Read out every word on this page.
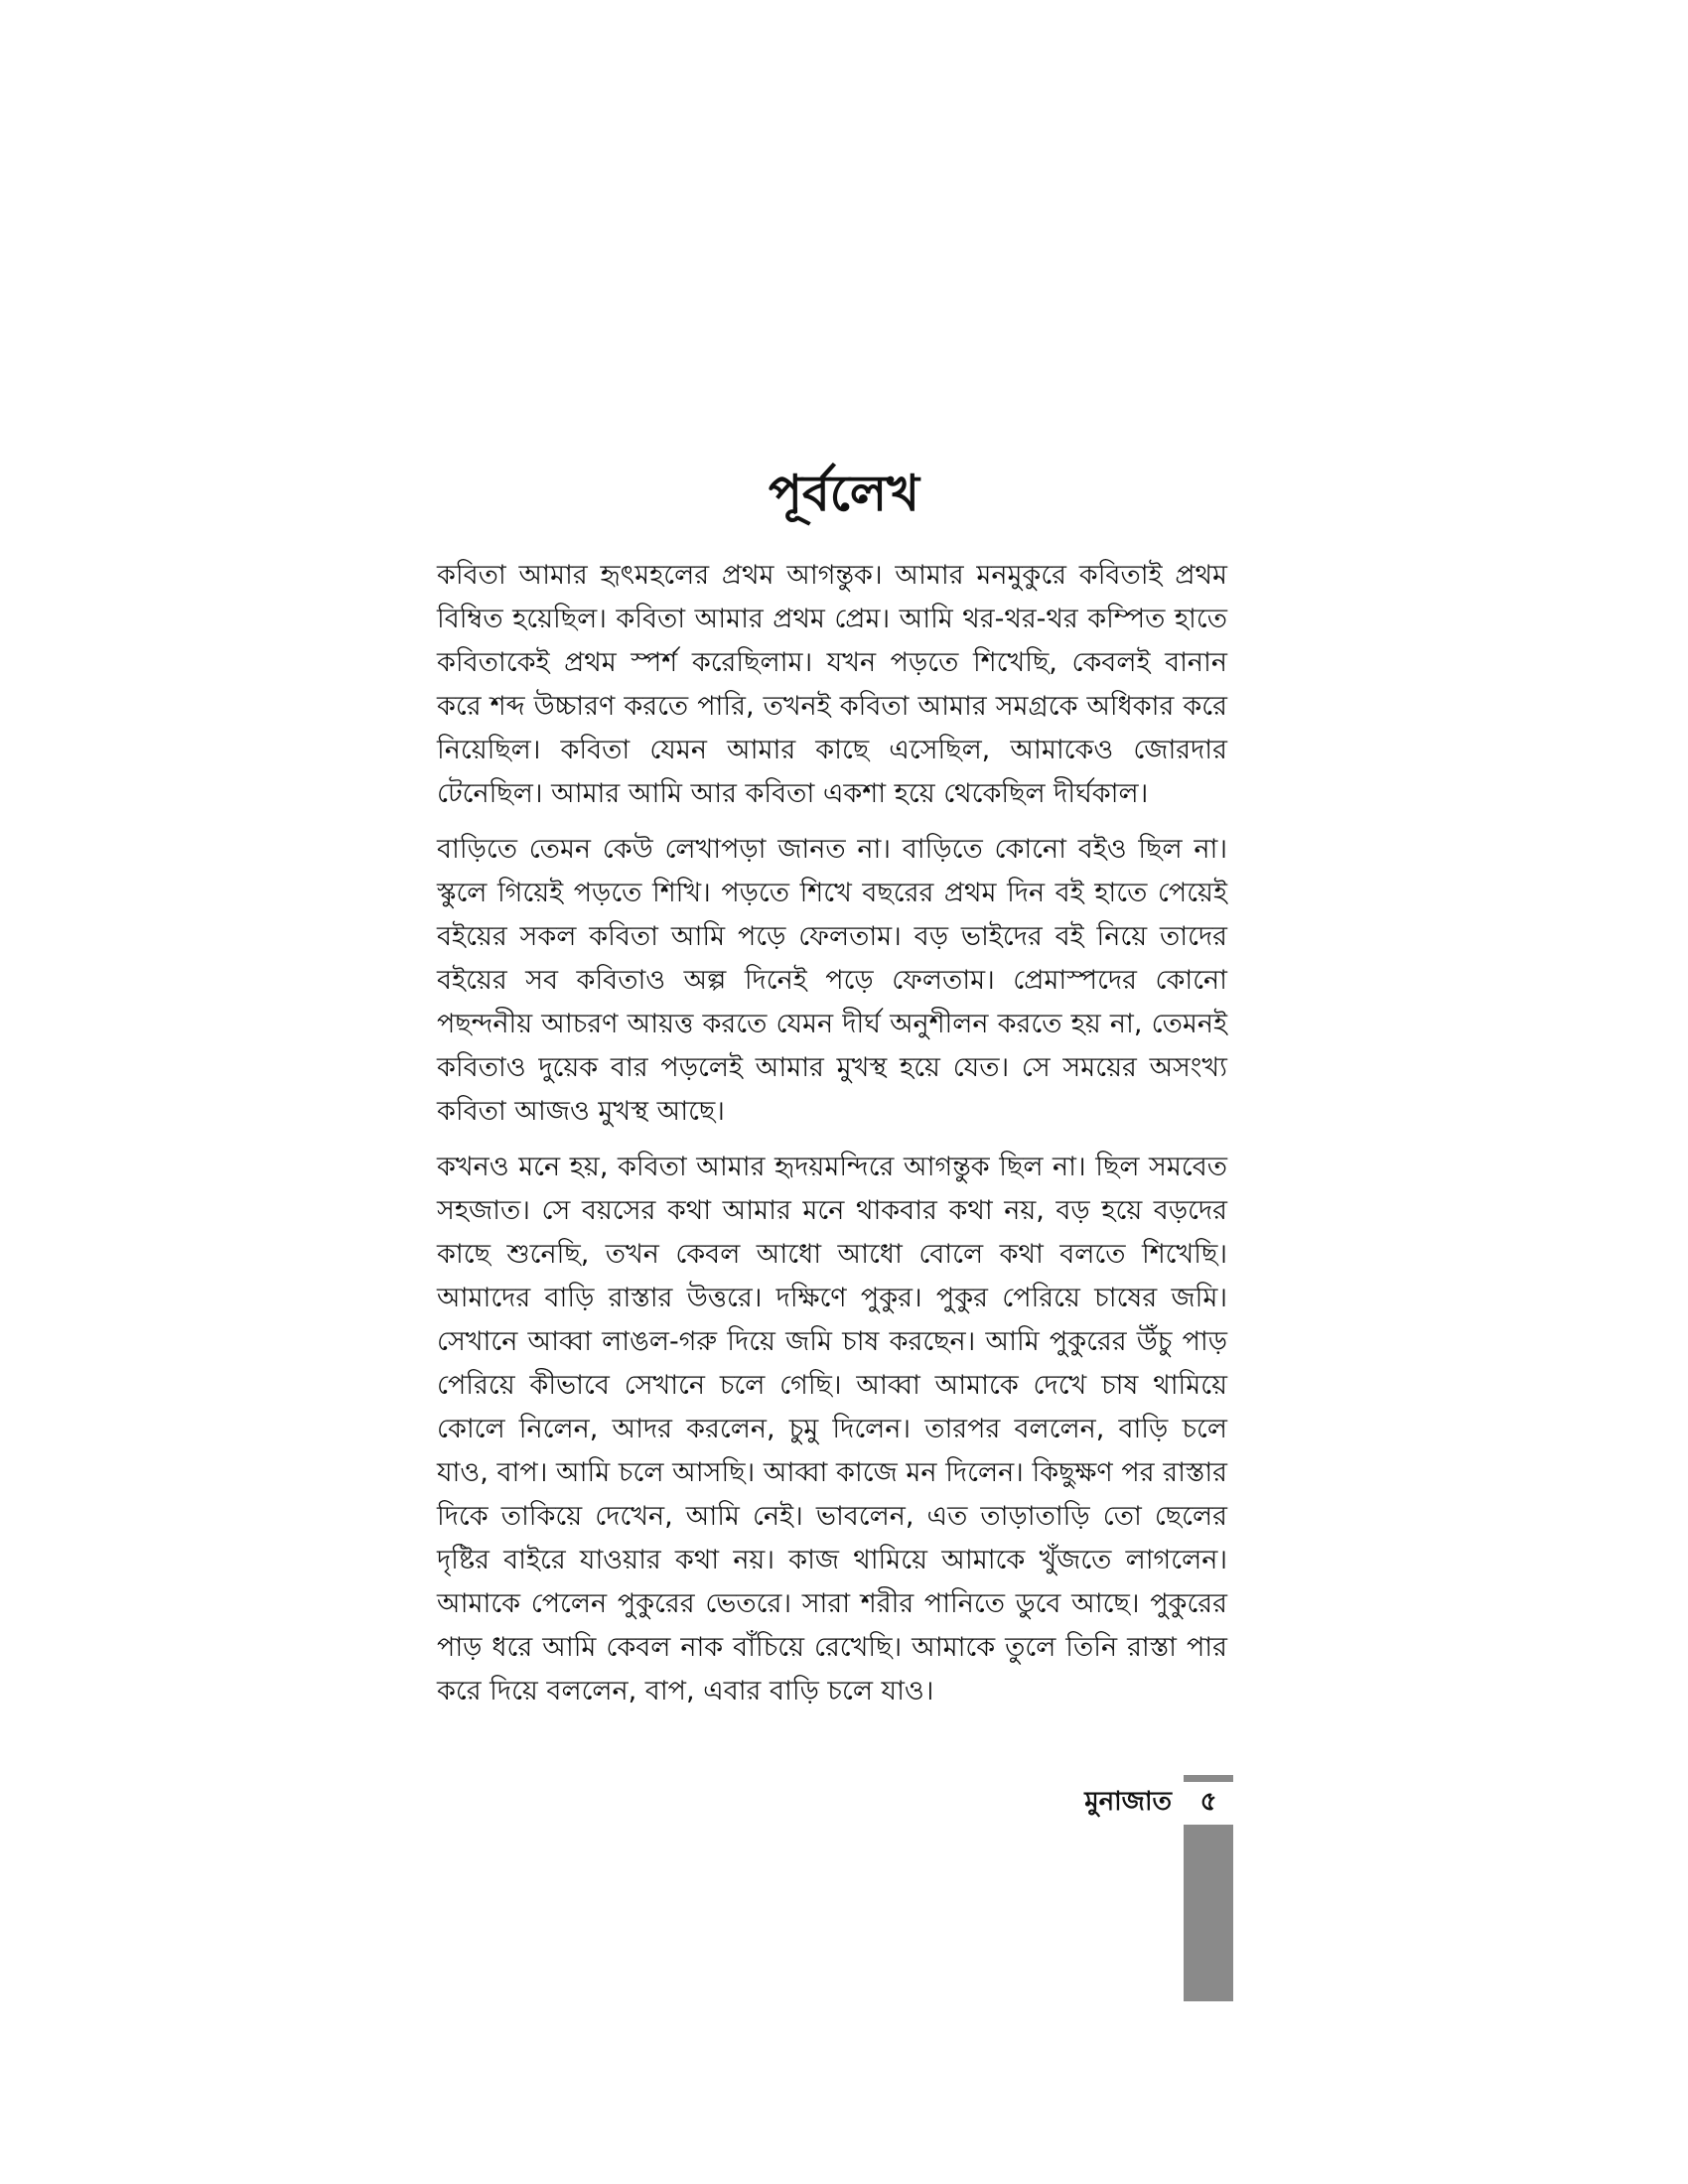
পূর্বলেখ

কবিতা আমার হৃৎমহলের প্রথম আগন্তুক। আমার মনমুকুরে কবিতাই প্রথম বিম্বিত হয়েছিল। কবিতা আমার প্রথম প্রেম। আমি থর-থর-থর কম্পিত হাতে কবিতাকেই প্রথম স্পর্শ করেছিলাম। যখন পড়তে শিখেছি, কেবলই বানান করে শব্দ উচ্চারণ করতে পারি, তখনই কবিতা আমার সমগ্রকে অধিকার করে নিয়েছিল। কবিতা যেমন আমার কাছে এসেছিল, আমাকেও জোরদার টেনেছিল। আমার আমি আর কবিতা একশা হয়ে থেকেছিল দীর্ঘকাল।

বাড়িতে তেমন কেউ লেখাপড়া জানত না। বাড়িতে কোনো বইও ছিল না। স্কুলে গিয়েই পড়তে শিখি। পড়তে শিখে বছরের প্রথম দিন বই হাতে পেয়েই বইয়ের সকল কবিতা আমি পড়ে ফেলতাম। বড় ভাইদের বই নিয়ে তাদের বইয়ের সব কবিতাও অল্প দিনেই পড়ে ফেলতাম। প্রেমাস্পদের কোনো পছন্দনীয় আচরণ আয়ত্ত করতে যেমন দীর্ঘ অনুশীলন করতে হয় না, তেমনই কবিতাও দুয়েক বার পড়লেই আমার মুখস্থ হয়ে যেত। সে সময়ের অসংখ্য কবিতা আজও মুখস্থ আছে।

কখনও মনে হয়, কবিতা আমার হৃদয়মন্দিরে আগন্তুক ছিল না। ছিল সমবেত সহজাত। সে বয়সের কথা আমার মনে থাকবার কথা নয়, বড় হয়ে বড়দের কাছে শুনেছি, তখন কেবল আধো আধো বোলে কথা বলতে শিখেছি। আমাদের বাড়ি রাস্তার উত্তরে। দক্ষিণে পুকুর। পুকুর পেরিয়ে চাষের জমি। সেখানে আব্বা লাঙল-গরু দিয়ে জমি চাষ করছেন। আমি পুকুরের উঁচু পাড় পেরিয়ে কীভাবে সেখানে চলে গেছি। আব্বা আমাকে দেখে চাষ থামিয়ে কোলে নিলেন, আদর করলেন, চুমু দিলেন। তারপর বললেন, বাড়ি চলে যাও, বাপ। আমি চলে আসছি। আব্বা কাজে মন দিলেন। কিছুক্ষণ পর রাস্তার দিকে তাকিয়ে দেখেন, আমি নেই। ভাবলেন, এত তাড়াতাড়ি তো ছেলের দৃষ্টির বাইরে যাওয়ার কথা নয়। কাজ থামিয়ে আমাকে খুঁজতে লাগলেন। আমাকে পেলেন পুকুরের ভেতরে। সারা শরীর পানিতে ডুবে আছে। পুকুরের পাড় ধরে আমি কেবল নাক বাঁচিয়ে রেখেছি। আমাকে তুলে তিনি রাস্তা পার করে দিয়ে বললেন, বাপ, এবার বাড়ি চলে যাও।

মুনাজাত	৫
